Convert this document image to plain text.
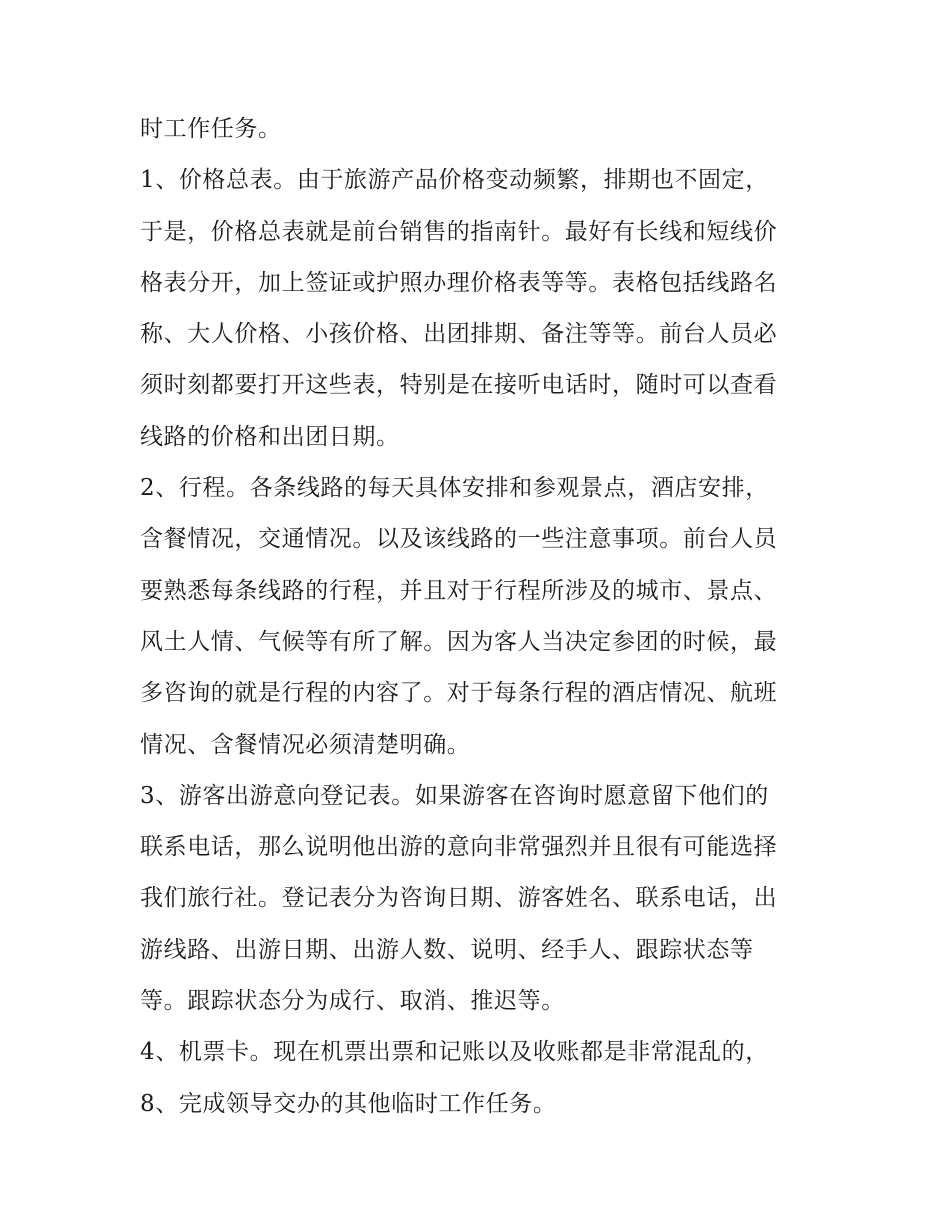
时工作任务。
1、价格总表。由于旅游产品价格变动频繁，排期也不固定，
于是，价格总表就是前台销售的指南针。最好有长线和短线价
格表分开，加上签证或护照办理价格表等等。表格包括线路名
称、大人价格、小孩价格、出团排期、备注等等。前台人员必
须时刻都要打开这些表，特别是在接听电话时，随时可以查看
线路的价格和出团日期。
2、行程。各条线路的每天具体安排和参观景点，酒店安排，
含餐情况，交通情况。以及该线路的一些注意事项。前台人员
要熟悉每条线路的行程，并且对于行程所涉及的城市、景点、
风土人情、气候等有所了解。因为客人当决定参团的时候，最
多咨询的就是行程的内容了。对于每条行程的酒店情况、航班
情况、含餐情况必须清楚明确。
3、游客出游意向登记表。如果游客在咨询时愿意留下他们的
联系电话，那么说明他出游的意向非常强烈并且很有可能选择
我们旅行社。登记表分为咨询日期、游客姓名、联系电话，出
游线路、出游日期、出游人数、说明、经手人、跟踪状态等
等。跟踪状态分为成行、取消、推迟等。
4、机票卡。现在机票出票和记账以及收账都是非常混乱的，
8、完成领导交办的其他临时工作任务。
